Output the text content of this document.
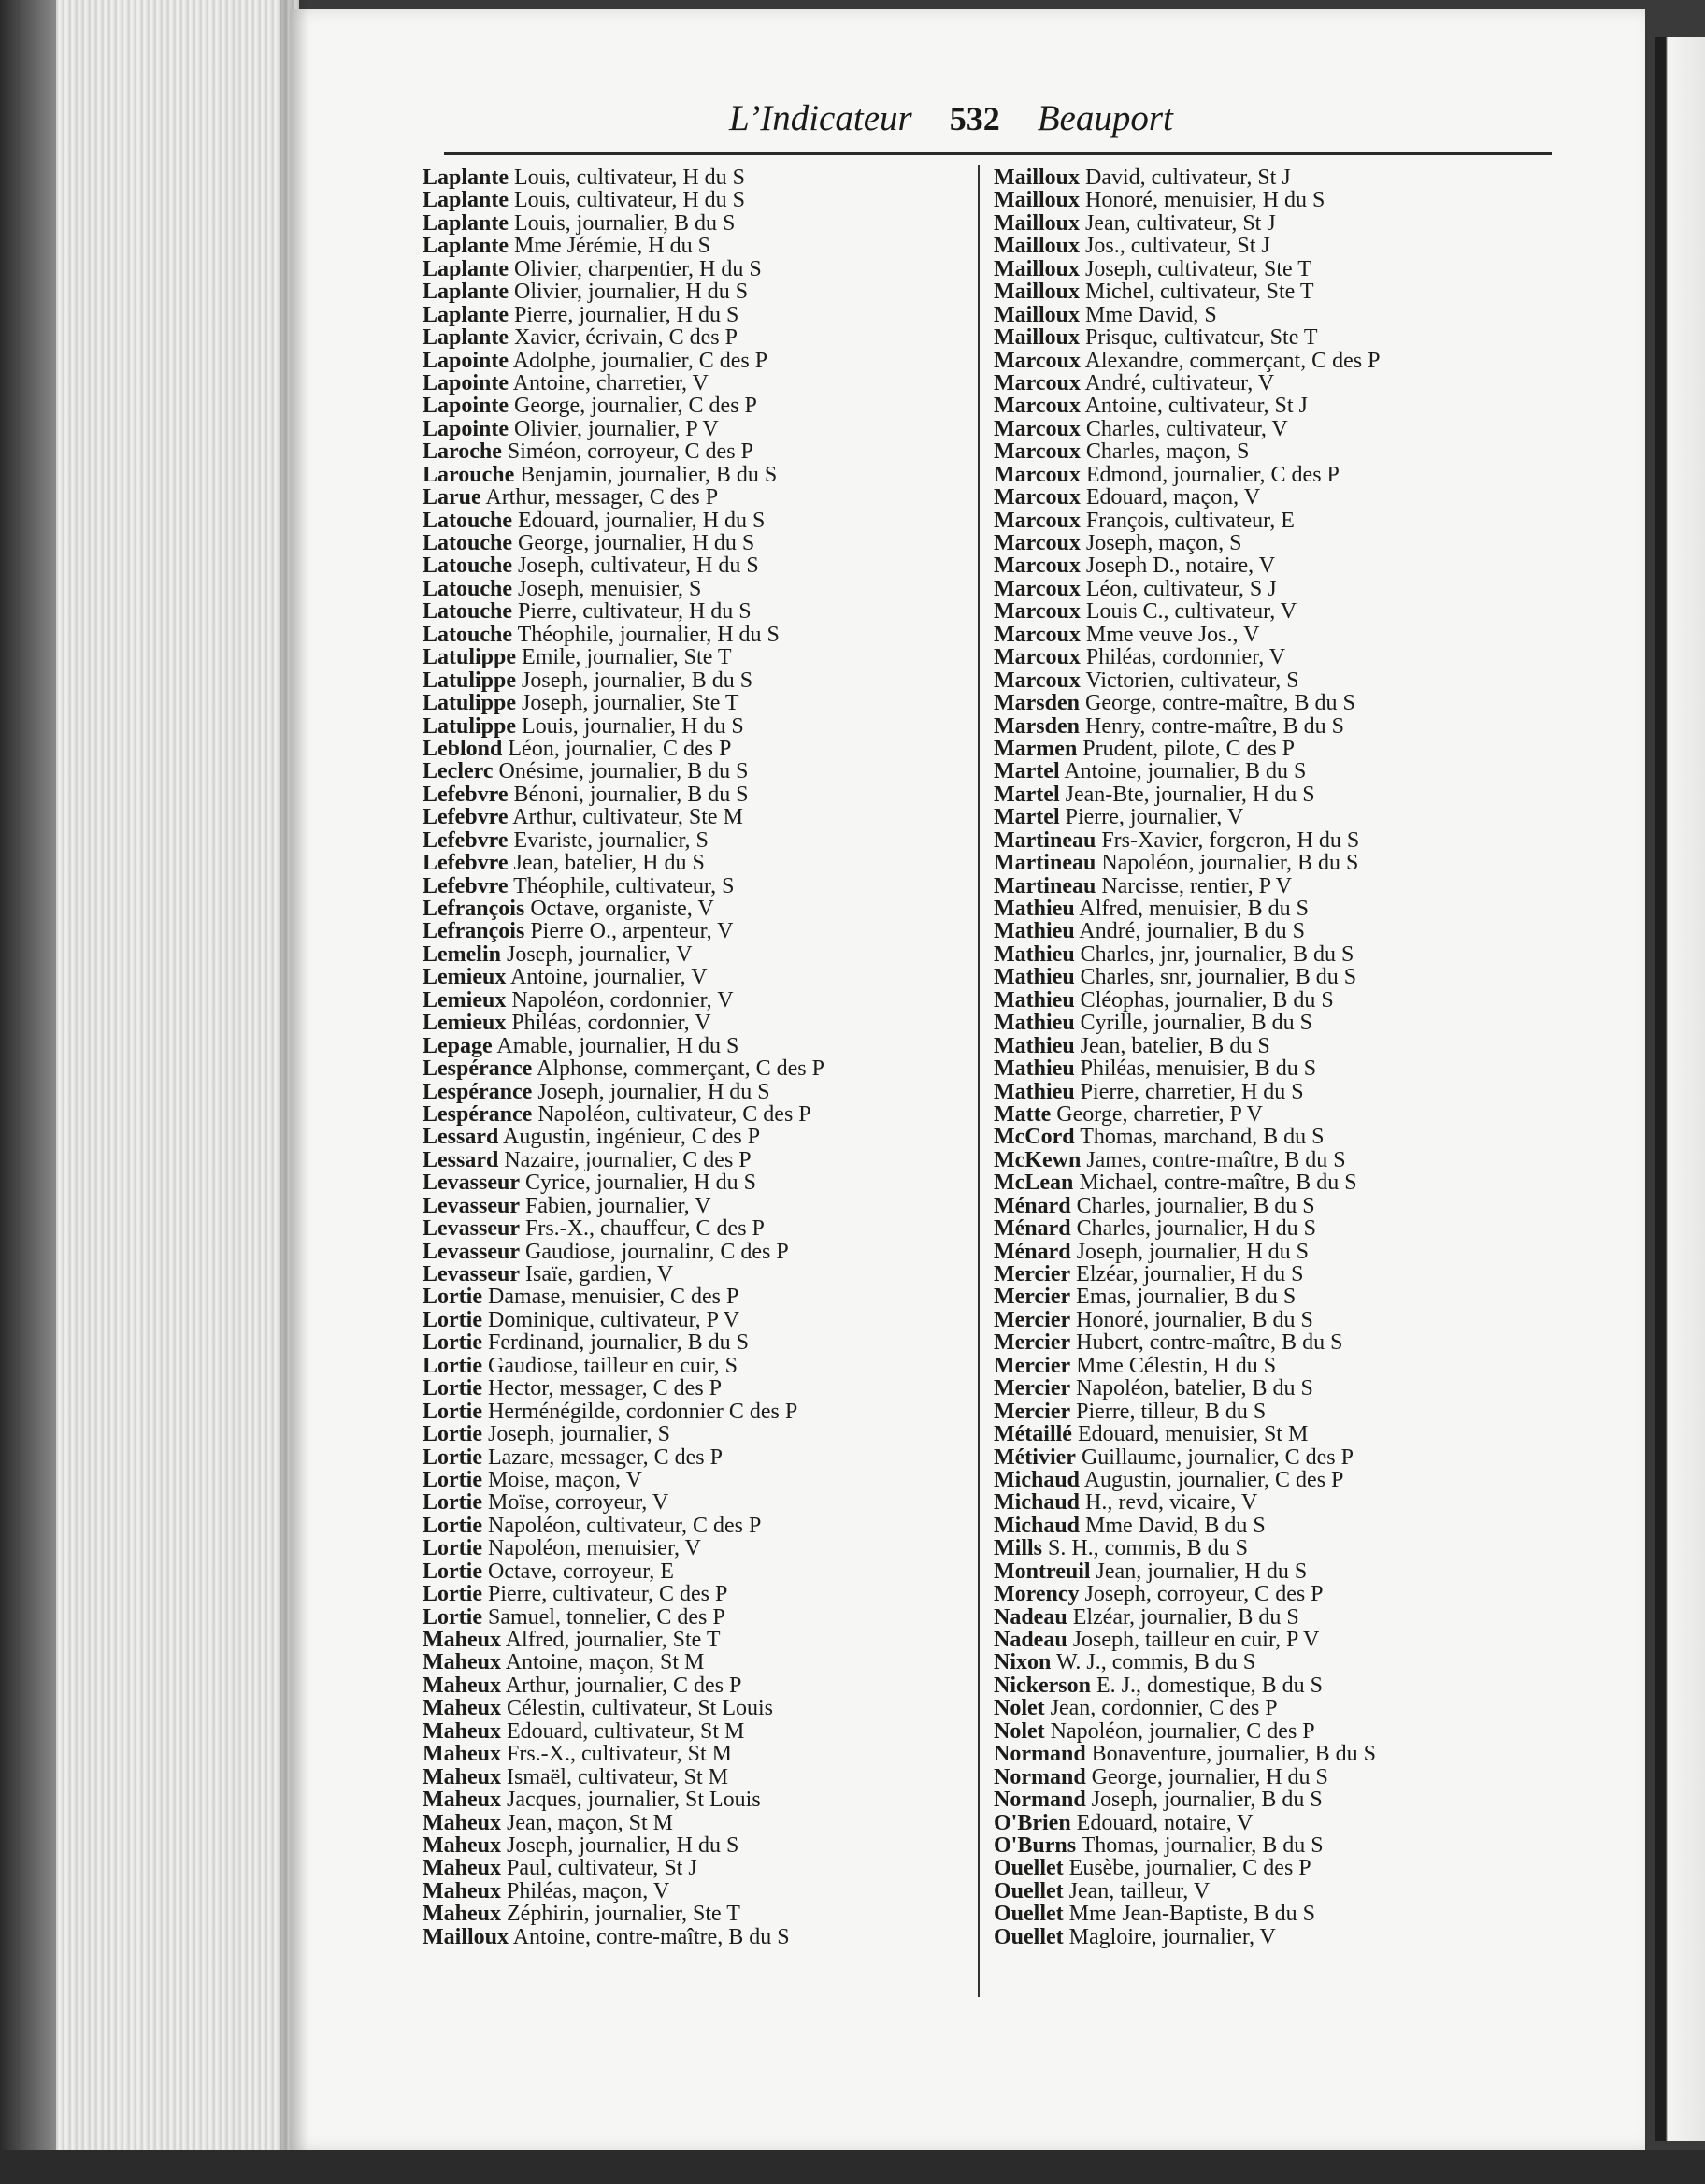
L’Indicateur 532 Beauport
Laplante Louis, cultivateur, H du S
Laplante Louis, cultivateur, H du S
Laplante Louis, journalier, B du S
Laplante Mme Jérémie, H du S
Laplante Olivier, charpentier, H du S
Laplante Olivier, journalier, H du S
Laplante Pierre, journalier, H du S
Laplante Xavier, écrivain, C des P
Lapointe Adolphe, journalier, C des P
Lapointe Antoine, charretier, V
Lapointe George, journalier, C des P
Lapointe Olivier, journalier, P V
Laroche Siméon, corroyeur, C des P
Larouche Benjamin, journalier, B du S
Larue Arthur, messager, C des P
Latouche Edouard, journalier, H du S
Latouche George, journalier, H du S
Latouche Joseph, cultivateur, H du S
Latouche Joseph, menuisier, S
Latouche Pierre, cultivateur, H du S
Latouche Théophile, journalier, H du S
Latulippe Emile, journalier, Ste T
Latulippe Joseph, journalier, B du S
Latulippe Joseph, journalier, Ste T
Latulippe Louis, journalier, H du S
Leblond Léon, journalier, C des P
Leclerc Onésime, journalier, B du S
Lefebvre Bénoni, journalier, B du S
Lefebvre Arthur, cultivateur, Ste M
Lefebvre Evariste, journalier, S
Lefebvre Jean, batelier, H du S
Lefebvre Théophile, cultivateur, S
Lefrançois Octave, organiste, V
Lefrançois Pierre O., arpenteur, V
Lemelin Joseph, journalier, V
Lemieux Antoine, journalier, V
Lemieux Napoléon, cordonnier, V
Lemieux Philéas, cordonnier, V
Lepage Amable, journalier, H du S
Lespérance Alphonse, commerçant, C des P
Lespérance Joseph, journalier, H du S
Lespérance Napoléon, cultivateur, C des P
Lessard Augustin, ingénieur, C des P
Lessard Nazaire, journalier, C des P
Levasseur Cyrice, journalier, H du S
Levasseur Fabien, journalier, V
Levasseur Frs.-X., chauffeur, C des P
Levasseur Gaudiose, journalinr, C des P
Levasseur Isaïe, gardien, V
Lortie Damase, menuisier, C des P
Lortie Dominique, cultivateur, P V
Lortie Ferdinand, journalier, B du S
Lortie Gaudiose, tailleur en cuir, S
Lortie Hector, messager, C des P
Lortie Herménégilde, cordonnier C des P
Lortie Joseph, journalier, S
Lortie Lazare, messager, C des P
Lortie Moise, maçon, V
Lortie Moïse, corroyeur, V
Lortie Napoléon, cultivateur, C des P
Lortie Napoléon, menuisier, V
Lortie Octave, corroyeur, E
Lortie Pierre, cultivateur, C des P
Lortie Samuel, tonnelier, C des P
Maheux Alfred, journalier, Ste T
Maheux Antoine, maçon, St M
Maheux Arthur, journalier, C des P
Maheux Célestin, cultivateur, St Louis
Maheux Edouard, cultivateur, St M
Maheux Frs.-X., cultivateur, St M
Maheux Ismaël, cultivateur, St M
Maheux Jacques, journalier, St Louis
Maheux Jean, maçon, St M
Maheux Joseph, journalier, H du S
Maheux Paul, cultivateur, St J
Maheux Philéas, maçon, V
Maheux Zéphirin, journalier, Ste T
Mailloux Antoine, contre-maître, B du S
Mailloux David, cultivateur, St J
Mailloux Honoré, menuisier, H du S
Mailloux Jean, cultivateur, St J
Mailloux Jos., cultivateur, St J
Mailloux Joseph, cultivateur, Ste T
Mailloux Michel, cultivateur, Ste T
Mailloux Mme David, S
Mailloux Prisque, cultivateur, Ste T
Marcoux Alexandre, commerçant, C des P
Marcoux André, cultivateur, V
Marcoux Antoine, cultivateur, St J
Marcoux Charles, cultivateur, V
Marcoux Charles, maçon, S
Marcoux Edmond, journalier, C des P
Marcoux Edouard, maçon, V
Marcoux François, cultivateur, E
Marcoux Joseph, maçon, S
Marcoux Joseph D., notaire, V
Marcoux Léon, cultivateur, S J
Marcoux Louis C., cultivateur, V
Marcoux Mme veuve Jos., V
Marcoux Philéas, cordonnier, V
Marcoux Victorien, cultivateur, S
Marsden George, contre-maître, B du S
Marsden Henry, contre-maître, B du S
Marmen Prudent, pilote, C des P
Martel Antoine, journalier, B du S
Martel Jean-Bte, journalier, H du S
Martel Pierre, journalier, V
Martineau Frs-Xavier, forgeron, H du S
Martineau Napoléon, journalier, B du S
Martineau Narcisse, rentier, P V
Mathieu Alfred, menuisier, B du S
Mathieu André, journalier, B du S
Mathieu Charles, jnr, journalier, B du S
Mathieu Charles, snr, journalier, B du S
Mathieu Cléophas, journalier, B du S
Mathieu Cyrille, journalier, B du S
Mathieu Jean, batelier, B du S
Mathieu Philéas, menuisier, B du S
Mathieu Pierre, charretier, H du S
Matte George, charretier, P V
McCord Thomas, marchand, B du S
McKewn James, contre-maître, B du S
McLean Michael, contre-maître, B du S
Ménard Charles, journalier, B du S
Ménard Charles, journalier, H du S
Ménard Joseph, journalier, H du S
Mercier Elzéar, journalier, H du S
Mercier Emas, journalier, B du S
Mercier Honoré, journalier, B du S
Mercier Hubert, contre-maître, B du S
Mercier Mme Célestin, H du S
Mercier Napoléon, batelier, B du S
Mercier Pierre, tilleur, B du S
Métaillé Edouard, menuisier, St M
Métivier Guillaume, journalier, C des P
Michaud Augustin, journalier, C des P
Michaud H., revd, vicaire, V
Michaud Mme David, B du S
Mills S. H., commis, B du S
Montreuil Jean, journalier, H du S
Morency Joseph, corroyeur, C des P
Nadeau Elzéar, journalier, B du S
Nadeau Joseph, tailleur en cuir, P V
Nixon W. J., commis, B du S
Nickerson E. J., domestique, B du S
Nolet Jean, cordonnier, C des P
Nolet Napoléon, journalier, C des P
Normand Bonaventure, journalier, B du S
Normand George, journalier, H du S
Normand Joseph, journalier, B du S
O'Brien Edouard, notaire, V
O'Burns Thomas, journalier, B du S
Ouellet Eusèbe, journalier, C des P
Ouellet Jean, tailleur, V
Ouellet Mme Jean-Baptiste, B du S
Ouellet Magloire, journalier, V
